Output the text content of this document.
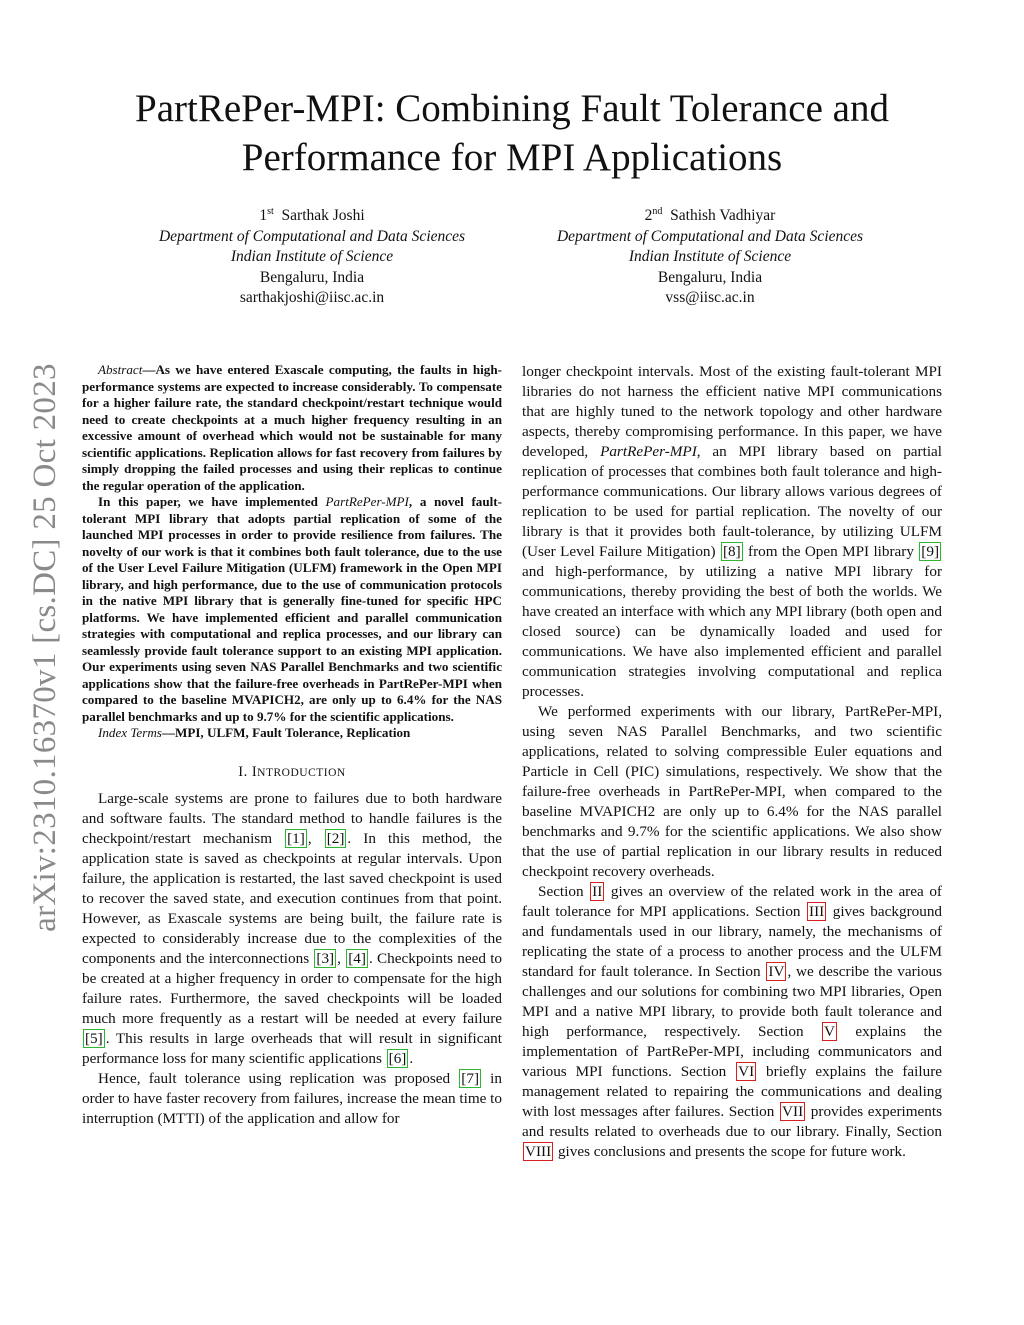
arXiv:2310.16370v1 [cs.DC] 25 Oct 2023
PartRePer-MPI: Combining Fault Tolerance and Performance for MPI Applications
1st Sarthak Joshi
Department of Computational and Data Sciences
Indian Institute of Science
Bengaluru, India
sarthakjoshi@iisc.ac.in
2nd Sathish Vadhiyar
Department of Computational and Data Sciences
Indian Institute of Science
Bengaluru, India
vss@iisc.ac.in

Abstract—As we have entered Exascale computing, the faults in high-performance systems are expected to increase considerably. To compensate for a higher failure rate, the standard checkpoint/restart technique would need to create checkpoints at a much higher frequency resulting in an excessive amount of overhead which would not be sustainable for many scientific applications. Replication allows for fast recovery from failures by simply dropping the failed processes and using their replicas to continue the regular operation of the application.

In this paper, we have implemented PartRePer-MPI, a novel fault-tolerant MPI library that adopts partial replication of some of the launched MPI processes in order to provide resilience from failures. The novelty of our work is that it combines both fault tolerance, due to the use of the User Level Failure Mitigation (ULFM) framework in the Open MPI library, and high performance, due to the use of communication protocols in the native MPI library that is generally fine-tuned for specific HPC platforms. We have implemented efficient and parallel communication strategies with computational and replica processes, and our library can seamlessly provide fault tolerance support to an existing MPI application. Our experiments using seven NAS Parallel Benchmarks and two scientific applications show that the failure-free overheads in PartRePer-MPI when compared to the baseline MVAPICH2, are only up to 6.4% for the NAS parallel benchmarks and up to 9.7% for the scientific applications.

Index Terms—MPI, ULFM, Fault Tolerance, Replication

I. INTRODUCTION

Large-scale systems are prone to failures due to both hardware and software faults. The standard method to handle failures is the checkpoint/restart mechanism [1] , [2] . In this method, the application state is saved as checkpoints at regular intervals. Upon failure, the application is restarted, the last saved checkpoint is used to recover the saved state, and execution continues from that point. However, as Exascale systems are being built, the failure rate is expected to considerably increase due to the complexities of the components and the interconnections [3] , [4] . Checkpoints need to be created at a higher frequency in order to compensate for the high failure rates. Furthermore, the saved checkpoints will be loaded much more frequently as a restart will be needed at every failure [5] . This results in large overheads that will result in significant performance loss for many scientific applications [6] .

Hence, fault tolerance using replication was proposed [7] in order to have faster recovery from failures, increase the mean time to interruption (MTTI) of the application and allow for

longer checkpoint intervals. Most of the existing fault-tolerant MPI libraries do not harness the efficient native MPI communications that are highly tuned to the network topology and other hardware aspects, thereby compromising performance. In this paper, we have developed, PartRePer-MPI, an MPI library based on partial replication of processes that combines both fault tolerance and high-performance communications. Our library allows various degrees of replication to be used for partial replication. The novelty of our library is that it provides both fault-tolerance, by utilizing ULFM (User Level Failure Mitigation) [8] from the Open MPI library [9] and high-performance, by utilizing a native MPI library for communications, thereby providing the best of both the worlds. We have created an interface with which any MPI library (both open and closed source) can be dynamically loaded and used for communications. We have also implemented efficient and parallel communication strategies involving computational and replica processes.

We performed experiments with our library, PartRePer-MPI, using seven NAS Parallel Benchmarks, and two scientific applications, related to solving compressible Euler equations and Particle in Cell (PIC) simulations, respectively. We show that the failure-free overheads in PartRePer-MPI, when compared to the baseline MVAPICH2 are only up to 6.4% for the NAS parallel benchmarks and 9.7% for the scientific applications. We also show that the use of partial replication in our library results in reduced checkpoint recovery overheads.

Section II gives an overview of the related work in the area of fault tolerance for MPI applications. Section III gives background and fundamentals used in our library, namely, the mechanisms of replicating the state of a process to another process and the ULFM standard for fault tolerance. In Section IV , we describe the various challenges and our solutions for combining two MPI libraries, Open MPI and a native MPI library, to provide both fault tolerance and high performance, respectively. Section V explains the implementation of PartRePer-MPI, including communicators and various MPI functions. Section VI briefly explains the failure management related to repairing the communications and dealing with lost messages after failures. Section VII provides experiments and results related to overheads due to our library. Finally, Section VIII gives conclusions and presents the scope for future work.
